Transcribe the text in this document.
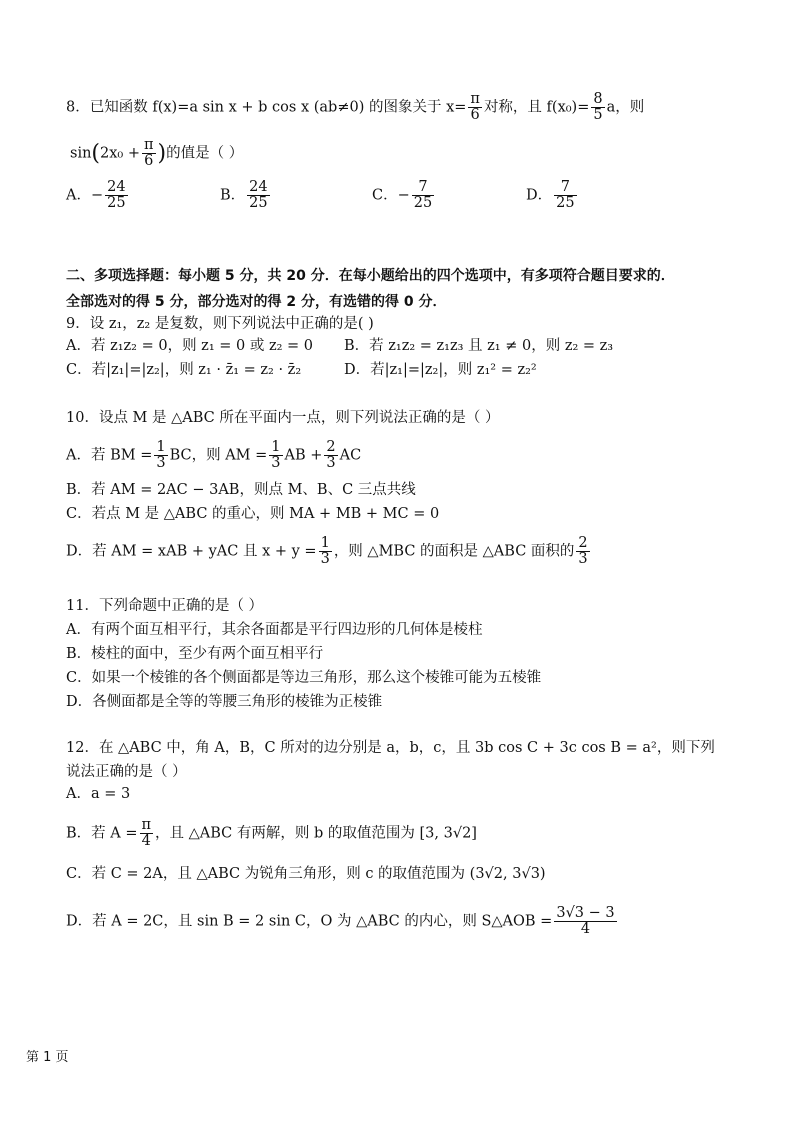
8．已知函数 f(x)=a sin x + b cos x (ab≠0) 的图象关于 $x= \frac{\pi}{6}$ 对称，且 $f(x_0)= \frac{8}{5}$ a，则
$\sin(2x_0 + \frac{\pi}{6}$ )的值是（ ）
A．− $\frac{24}{25}$	B． $\frac{24}{25}$	C．− $\frac{7}{25}$	D． $\frac{7}{25}$
二、多项选择题：每小题 5 分，共 20 分．在每小题给出的四个选项中，有多项符合题目要求的．
全部选对的得 5 分，部分选对的得 2 分，有选错的得 0 分．
9．设 z₁，z₂ 是复数，则下列说法中正确的是( )
A．若 z₁z₂ = 0，则 z₁ = 0 或 z₂ = 0 B．若 z₁z₂ = z₁z₃ 且 z₁ ≠ 0，则 z₂ = z₃
C．若|z₁|=|z₂|，则 z₁ · z̄₁ = z₂ · z̄₂	D．若|z₁|=|z₂|，则 z₁² = z₂²
10．设点 M 是 △ABC 所在平面内一点，则下列说法正确的是（ ）
A．若 BM = $\frac{1}{3}$ BC，则 AM = $\frac{1}{3}$ AB + $\frac{2}{3}$ AC
B．若 AM = 2AC − 3AB，则点 M、B、C 三点共线
C．若点 M 是 △ABC 的重心，则 MA + MB + MC = 0
D．若 AM = xAB + yAC 且 $x + y = \frac{1}{3}$ ，则 △MBC 的面积是 △ABC 面积的 $\frac{2}{3}$
11．下列命题中正确的是（ ）
A．有两个面互相平行，其余各面都是平行四边形的几何体是棱柱
B．棱柱的面中，至少有两个面互相平行
C．如果一个棱锥的各个侧面都是等边三角形，那么这个棱锥可能为五棱锥
D．各侧面都是全等的等腰三角形的棱锥为正棱锥
12．在 △ABC 中，角 A，B，C 所对的边分别是 a，b，c，且 3b cos C + 3c cos B = a²，则下列
说法正确的是（ ）
A．a = 3
B．若 $A = \frac{\pi}{4}$ ，且 △ABC 有两解，则 b 的取值范围为 [3, 3√2]
C．若 C = 2A，且 △ABC 为锐角三角形，则 c 的取值范围为 (3√2, 3√3)
D．若 A = 2C，且 sin B = 2 sin C，O 为 △ABC 的内心，则 S△AOB = $\frac{3√3 - 3}{4}$
第 1 页
